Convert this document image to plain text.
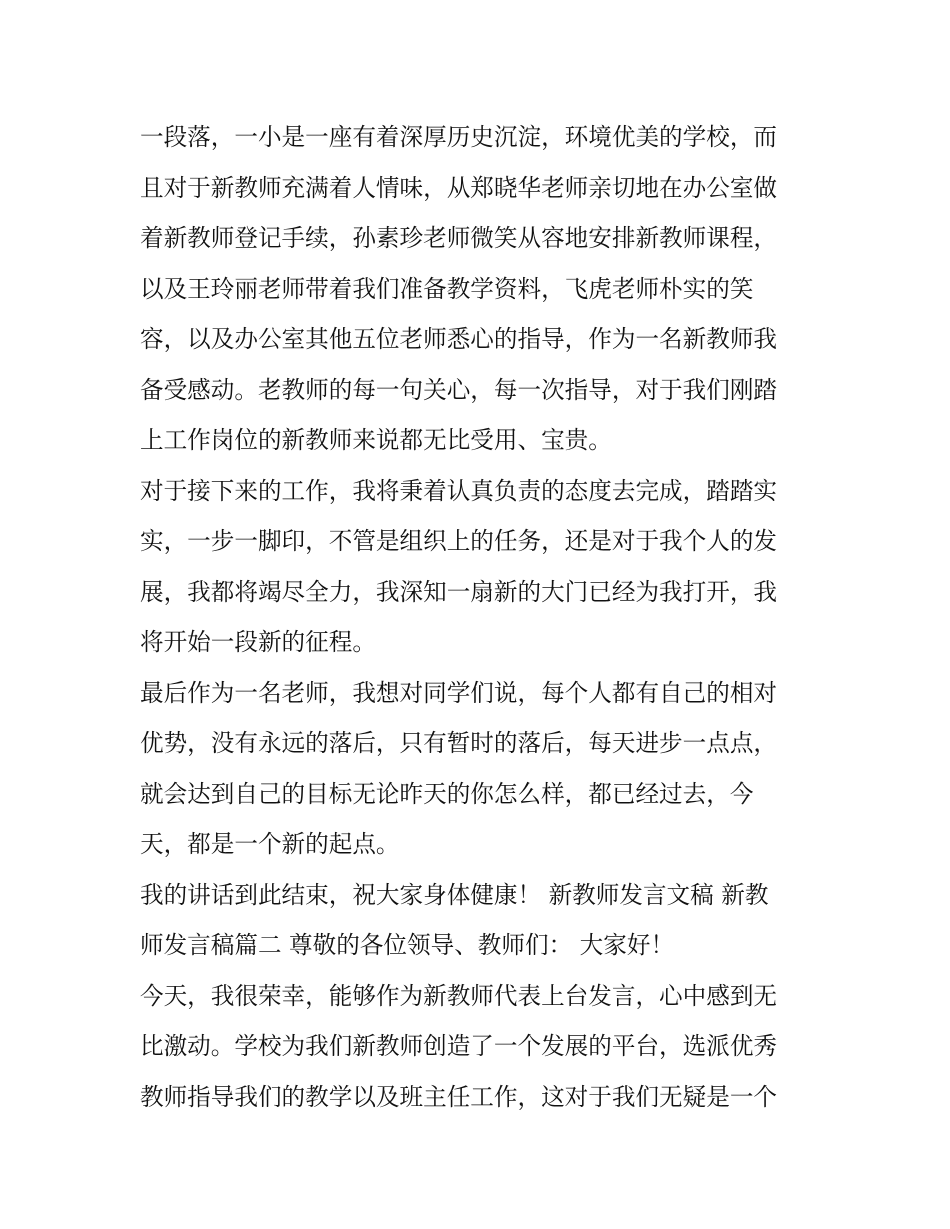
一段落，一小是一座有着深厚历史沉淀，环境优美的学校，而
且对于新教师充满着人情味，从郑晓华老师亲切地在办公室做
着新教师登记手续，孙素珍老师微笑从容地安排新教师课程，
以及王玲丽老师带着我们准备教学资料，飞虎老师朴实的笑
容，以及办公室其他五位老师悉心的指导，作为一名新教师我
备受感动。老教师的每一句关心，每一次指导，对于我们刚踏
上工作岗位的新教师来说都无比受用、宝贵。
对于接下来的工作，我将秉着认真负责的态度去完成，踏踏实
实，一步一脚印，不管是组织上的任务，还是对于我个人的发
展，我都将竭尽全力，我深知一扇新的大门已经为我打开，我
将开始一段新的征程。
最后作为一名老师，我想对同学们说，每个人都有自己的相对
优势，没有永远的落后，只有暂时的落后，每天进步一点点，
就会达到自己的目标无论昨天的你怎么样，都已经过去，今
天，都是一个新的起点。
我的讲话到此结束，祝大家身体健康！ 新教师发言文稿 新教
师发言稿篇二 尊敬的各位领导、教师们： 大家好！
今天，我很荣幸，能够作为新教师代表上台发言，心中感到无
比激动。学校为我们新教师创造了一个发展的平台，选派优秀
教师指导我们的教学以及班主任工作，这对于我们无疑是一个
